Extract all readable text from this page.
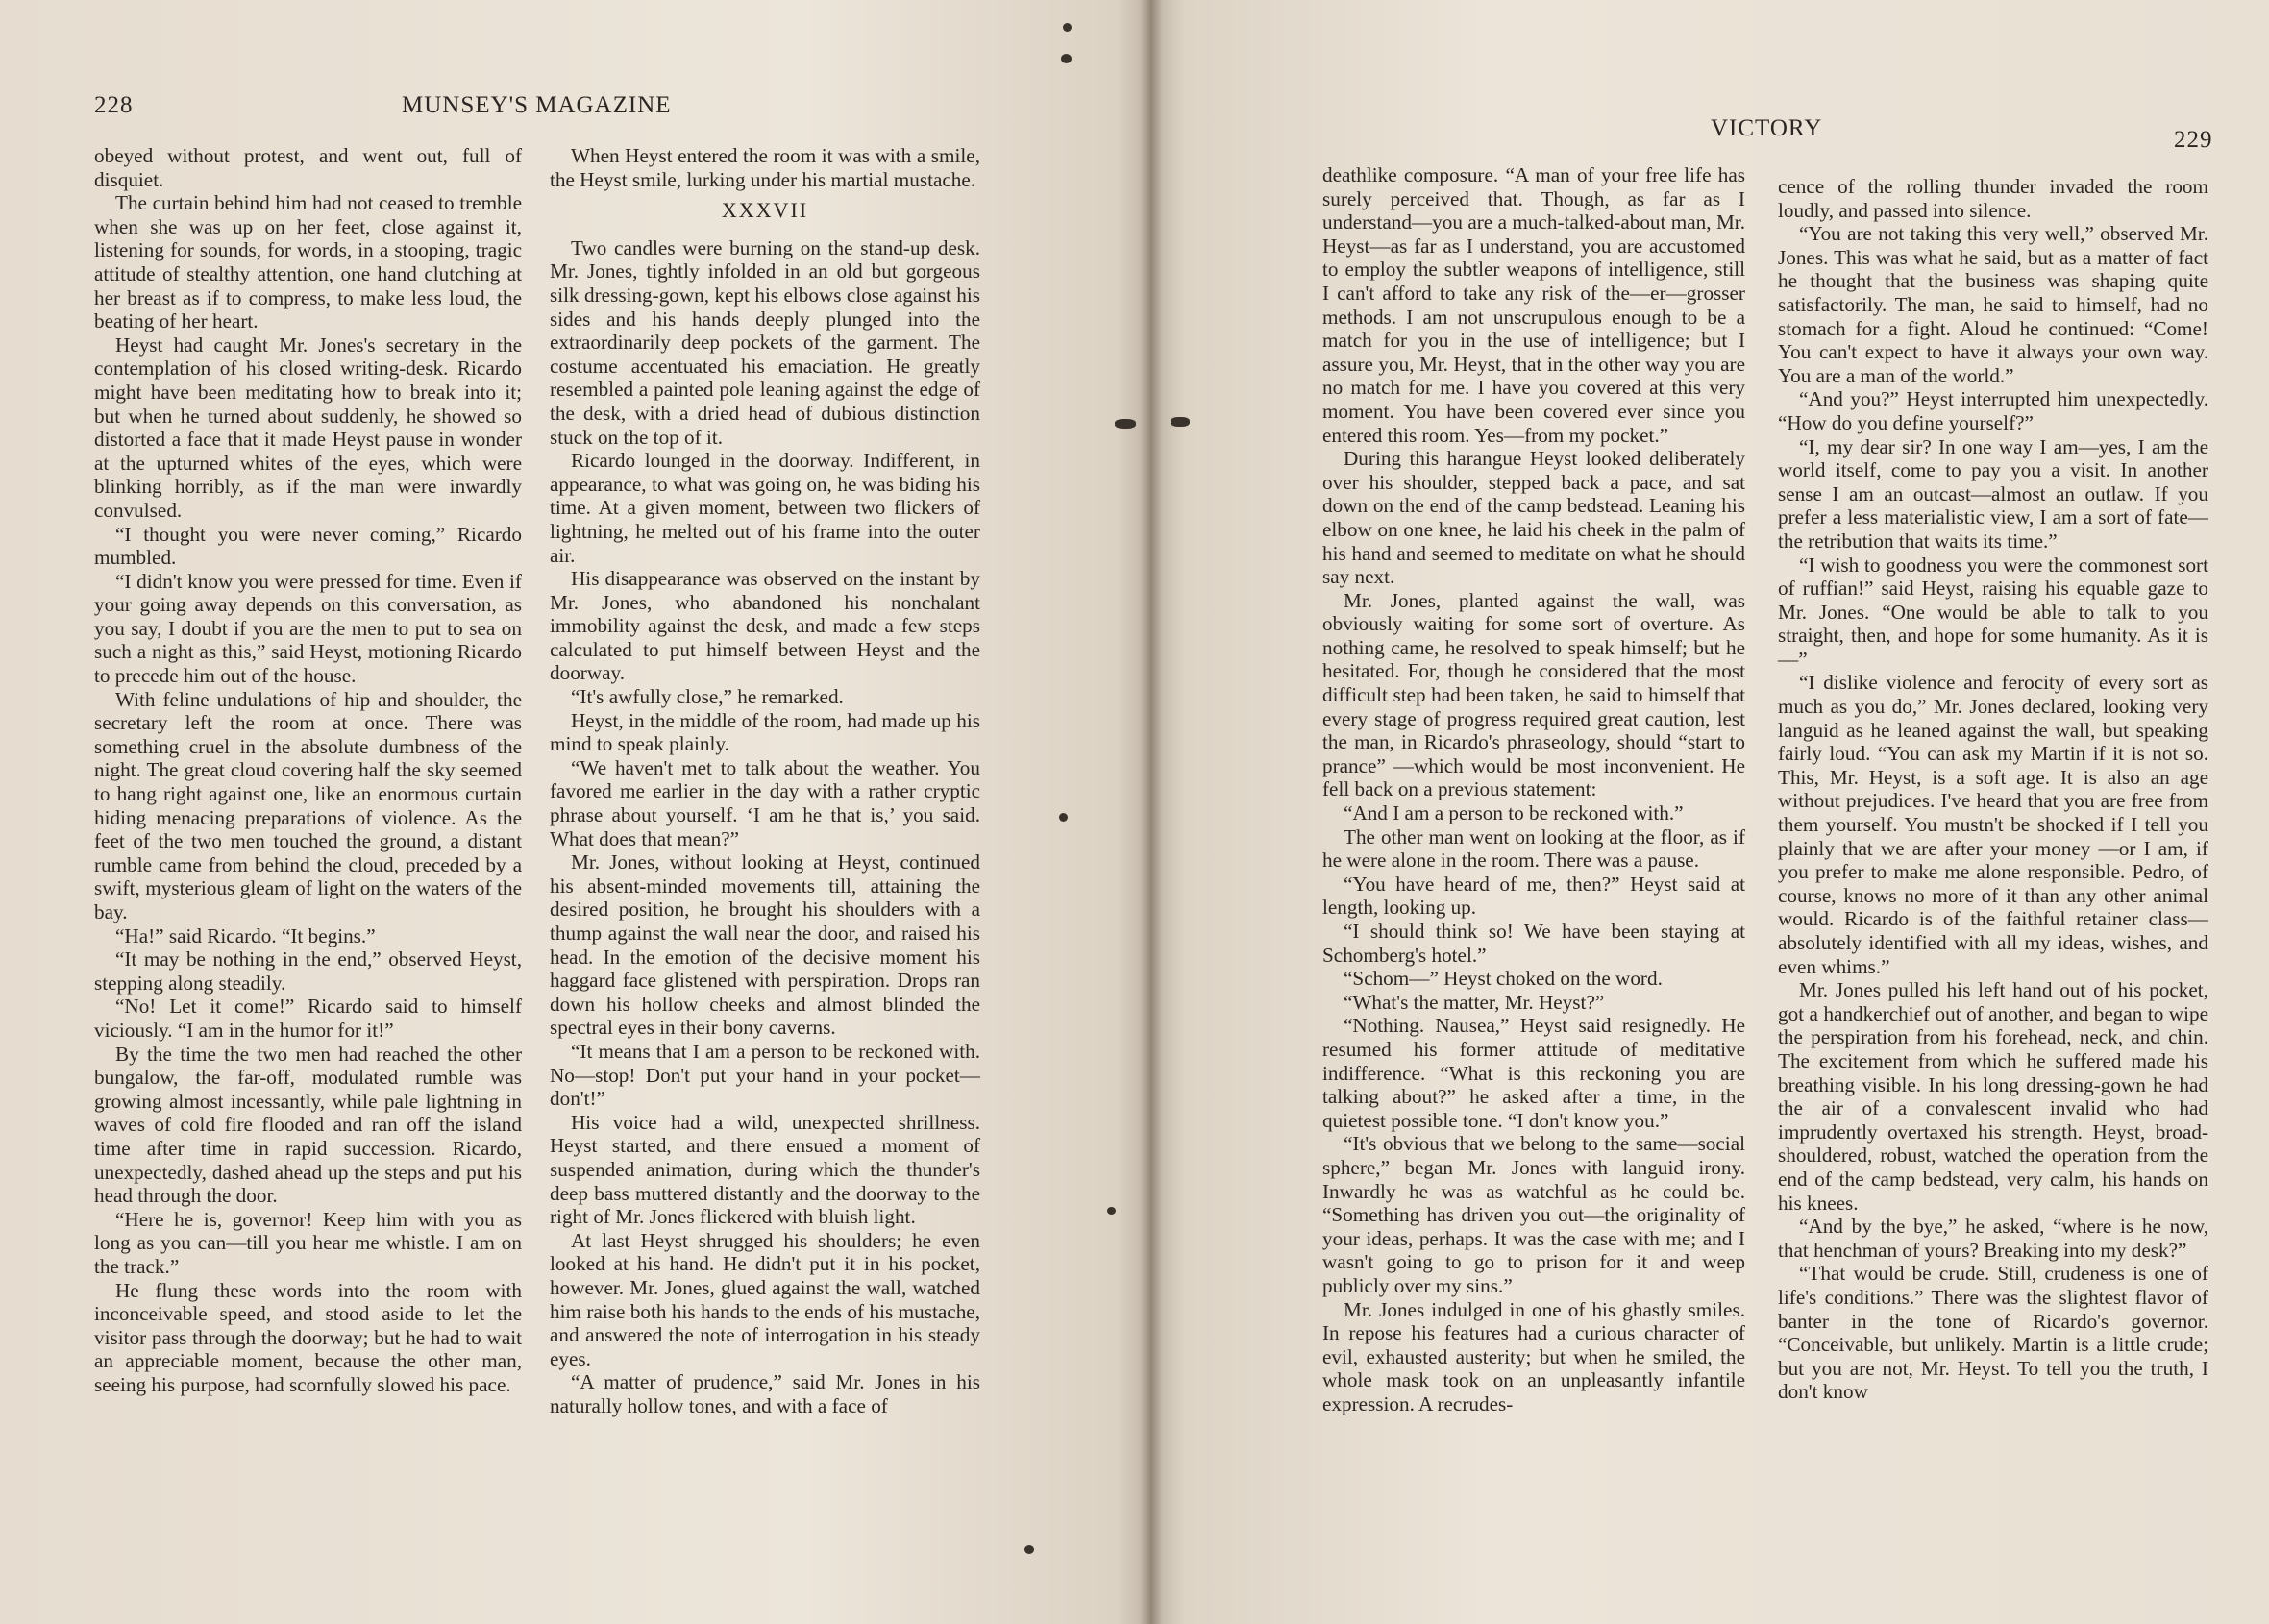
228	MUNSEY'S MAGAZINE
VICTORY	229

obeyed without protest, and went out, full of disquiet.

The curtain behind him had not ceased to tremble when she was up on her feet, close against it, listening for sounds, for words, in a stooping, tragic attitude of stealthy attention, one hand clutching at her breast as if to compress, to make less loud, the beating of her heart.

Heyst had caught Mr. Jones's secretary in the contemplation of his closed writing-desk. Ricardo might have been meditating how to break into it; but when he turned about suddenly, he showed so distorted a face that it made Heyst pause in wonder at the upturned whites of the eyes, which were blinking horribly, as if the man were inwardly convulsed.

“I thought you were never coming,” Ricardo mumbled.

“I didn't know you were pressed for time. Even if your going away depends on this conversation, as you say, I doubt if you are the men to put to sea on such a night as this,” said Heyst, motioning Ricardo to precede him out of the house.

With feline undulations of hip and shoulder, the secretary left the room at once. There was something cruel in the absolute dumbness of the night. The great cloud covering half the sky seemed to hang right against one, like an enormous curtain hiding menacing preparations of violence. As the feet of the two men touched the ground, a distant rumble came from behind the cloud, preceded by a swift, mysterious gleam of light on the waters of the bay.

“Ha!” said Ricardo. “It begins.”

“It may be nothing in the end,” observed Heyst, stepping along steadily.

“No! Let it come!” Ricardo said to himself viciously. “I am in the humor for it!”

By the time the two men had reached the other bungalow, the far-off, modulated rumble was growing almost incessantly, while pale lightning in waves of cold fire flooded and ran off the island time after time in rapid succession. Ricardo, unexpectedly, dashed ahead up the steps and put his head through the door.

“Here he is, governor! Keep him with you as long as you can—till you hear me whistle. I am on the track.”

He flung these words into the room with inconceivable speed, and stood aside to let the visitor pass through the doorway; but he had to wait an appreciable moment, because the other man, seeing his purpose, had scornfully slowed his pace.

When Heyst entered the room it was with a smile, the Heyst smile, lurking under his martial mustache.

XXXVII

Two candles were burning on the stand-up desk. Mr. Jones, tightly infolded in an old but gorgeous silk dressing-gown, kept his elbows close against his sides and his hands deeply plunged into the extraordinarily deep pockets of the garment. The costume accentuated his emaciation. He greatly resembled a painted pole leaning against the edge of the desk, with a dried head of dubious distinction stuck on the top of it.

Ricardo lounged in the doorway. Indifferent, in appearance, to what was going on, he was biding his time. At a given moment, between two flickers of lightning, he melted out of his frame into the outer air.

His disappearance was observed on the instant by Mr. Jones, who abandoned his nonchalant immobility against the desk, and made a few steps calculated to put himself between Heyst and the doorway.

“It's awfully close,” he remarked.

Heyst, in the middle of the room, had made up his mind to speak plainly.

“We haven't met to talk about the weather. You favored me earlier in the day with a rather cryptic phrase about yourself. ‘I am he that is,’ you said. What does that mean?”

Mr. Jones, without looking at Heyst, continued his absent-minded movements till, attaining the desired position, he brought his shoulders with a thump against the wall near the door, and raised his head. In the emotion of the decisive moment his haggard face glistened with perspiration. Drops ran down his hollow cheeks and almost blinded the spectral eyes in their bony caverns.

“It means that I am a person to be reckoned with. No—stop! Don't put your hand in your pocket—don't!”

His voice had a wild, unexpected shrillness. Heyst started, and there ensued a moment of suspended animation, during which the thunder's deep bass muttered distantly and the doorway to the right of Mr. Jones flickered with bluish light.

At last Heyst shrugged his shoulders; he even looked at his hand. He didn't put it in his pocket, however. Mr. Jones, glued against the wall, watched him raise both his hands to the ends of his mustache, and answered the note of interrogation in his steady eyes.

“A matter of prudence,” said Mr. Jones in his naturally hollow tones, and with a face of

deathlike composure. “A man of your free life has surely perceived that. Though, as far as I understand—you are a much-talked-about man, Mr. Heyst—as far as I understand, you are accustomed to employ the subtler weapons of intelligence, still I can't afford to take any risk of the—er—grosser methods. I am not unscrupulous enough to be a match for you in the use of intelligence; but I assure you, Mr. Heyst, that in the other way you are no match for me. I have you covered at this very moment. You have been covered ever since you entered this room. Yes—from my pocket.”

During this harangue Heyst looked deliberately over his shoulder, stepped back a pace, and sat down on the end of the camp bedstead. Leaning his elbow on one knee, he laid his cheek in the palm of his hand and seemed to meditate on what he should say next.

Mr. Jones, planted against the wall, was obviously waiting for some sort of overture. As nothing came, he resolved to speak himself; but he hesitated. For, though he considered that the most difficult step had been taken, he said to himself that every stage of progress required great caution, lest the man, in Ricardo's phraseology, should “start to prance” —which would be most inconvenient. He fell back on a previous statement:

“And I am a person to be reckoned with.”

The other man went on looking at the floor, as if he were alone in the room. There was a pause.

“You have heard of me, then?” Heyst said at length, looking up.

“I should think so! We have been staying at Schomberg's hotel.”

“Schom—” Heyst choked on the word.

“What's the matter, Mr. Heyst?”

“Nothing. Nausea,” Heyst said resignedly. He resumed his former attitude of meditative indifference. “What is this reckoning you are talking about?” he asked after a time, in the quietest possible tone. “I don't know you.”

“It's obvious that we belong to the same—social sphere,” began Mr. Jones with languid irony. Inwardly he was as watchful as he could be. “Something has driven you out—the originality of your ideas, perhaps. It was the case with me; and I wasn't going to go to prison for it and weep publicly over my sins.”

Mr. Jones indulged in one of his ghastly smiles. In repose his features had a curious character of evil, exhausted austerity; but when he smiled, the whole mask took on an unpleasantly infantile expression. A recrudes-

cence of the rolling thunder invaded the room loudly, and passed into silence.

“You are not taking this very well,” observed Mr. Jones. This was what he said, but as a matter of fact he thought that the business was shaping quite satisfactorily. The man, he said to himself, had no stomach for a fight. Aloud he continued: “Come! You can't expect to have it always your own way. You are a man of the world.”

“And you?” Heyst interrupted him unexpectedly. “How do you define yourself?”

“I, my dear sir? In one way I am—yes, I am the world itself, come to pay you a visit. In another sense I am an outcast—almost an outlaw. If you prefer a less materialistic view, I am a sort of fate—the retribution that waits its time.”

“I wish to goodness you were the commonest sort of ruffian!” said Heyst, raising his equable gaze to Mr. Jones. “One would be able to talk to you straight, then, and hope for some humanity. As it is—”

“I dislike violence and ferocity of every sort as much as you do,” Mr. Jones declared, looking very languid as he leaned against the wall, but speaking fairly loud. “You can ask my Martin if it is not so. This, Mr. Heyst, is a soft age. It is also an age without prejudices. I've heard that you are free from them yourself. You mustn't be shocked if I tell you plainly that we are after your money —or I am, if you prefer to make me alone responsible. Pedro, of course, knows no more of it than any other animal would. Ricardo is of the faithful retainer class—absolutely identified with all my ideas, wishes, and even whims.”

Mr. Jones pulled his left hand out of his pocket, got a handkerchief out of another, and began to wipe the perspiration from his forehead, neck, and chin. The excitement from which he suffered made his breathing visible. In his long dressing-gown he had the air of a convalescent invalid who had imprudently overtaxed his strength. Heyst, broad-shouldered, robust, watched the operation from the end of the camp bedstead, very calm, his hands on his knees.

“And by the bye,” he asked, “where is he now, that henchman of yours? Breaking into my desk?”

“That would be crude. Still, crudeness is one of life's conditions.” There was the slightest flavor of banter in the tone of Ricardo's governor. “Conceivable, but unlikely. Martin is a little crude; but you are not, Mr. Heyst. To tell you the truth, I don't know
